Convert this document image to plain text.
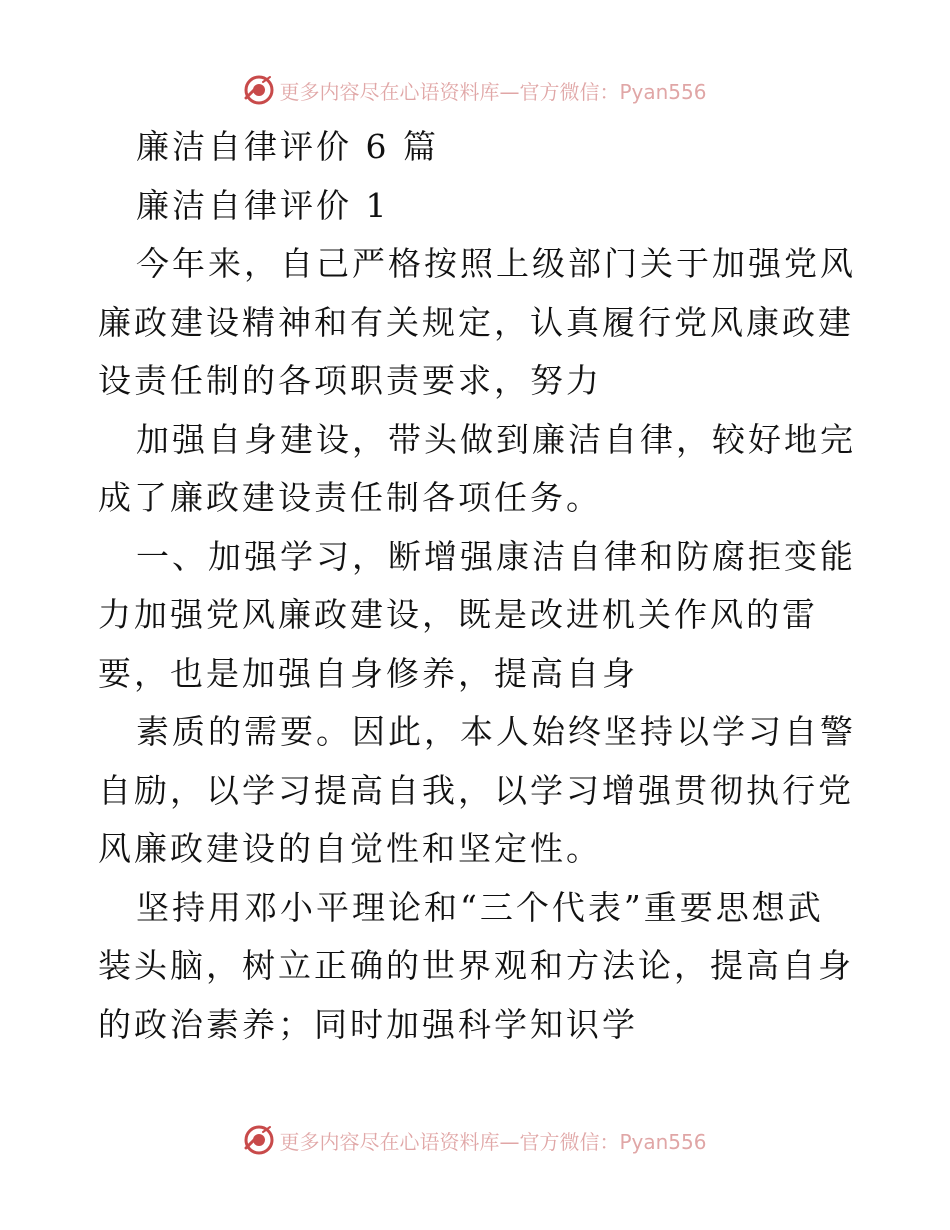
更多内容尽在心语资料库—官方微信：Pyan556

廉洁自律评价 6 篇

廉洁自律评价 1

今年来，自己严格按照上级部门关于加强党风廉政建设精神和有关规定，认真履行党风康政建设责任制的各项职责要求，努力

加强自身建设，带头做到廉洁自律，较好地完成了廉政建设责任制各项任务。

一、加强学习，断增强康洁自律和防腐拒变能力加强党风廉政建设，既是改进机关作风的雷要，也是加强自身修养，提高自身

素质的需要。因此，本人始终坚持以学习自警自励，以学习提高自我，以学习增强贯彻执行党风廉政建设的自觉性和坚定性。

坚持用邓小平理论和“三个代表”重要思想武装头脑，树立正确的世界观和方法论，提高自身的政治素养；同时加强科学知识学

更多内容尽在心语资料库—官方微信：Pyan556
